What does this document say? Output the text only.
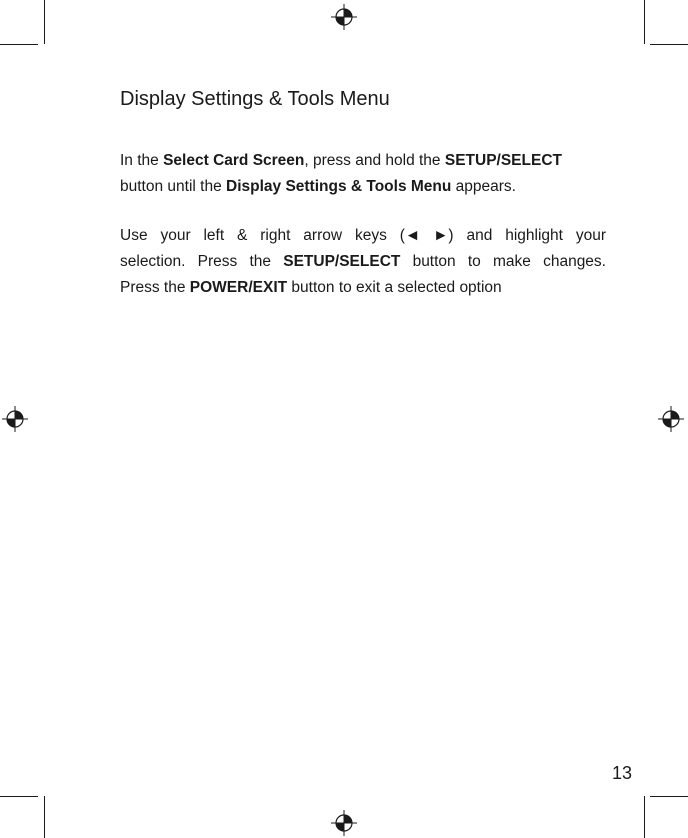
Display Settings & Tools Menu
In the Select Card Screen, press and hold the SETUP/SELECT
button until the Display Settings & Tools Menu appears.
Use your left & right arrow keys (◄ ►) and highlight your
selection. Press the SETUP/SELECT button to make changes.
Press the POWER/EXIT button to exit a selected option
13
